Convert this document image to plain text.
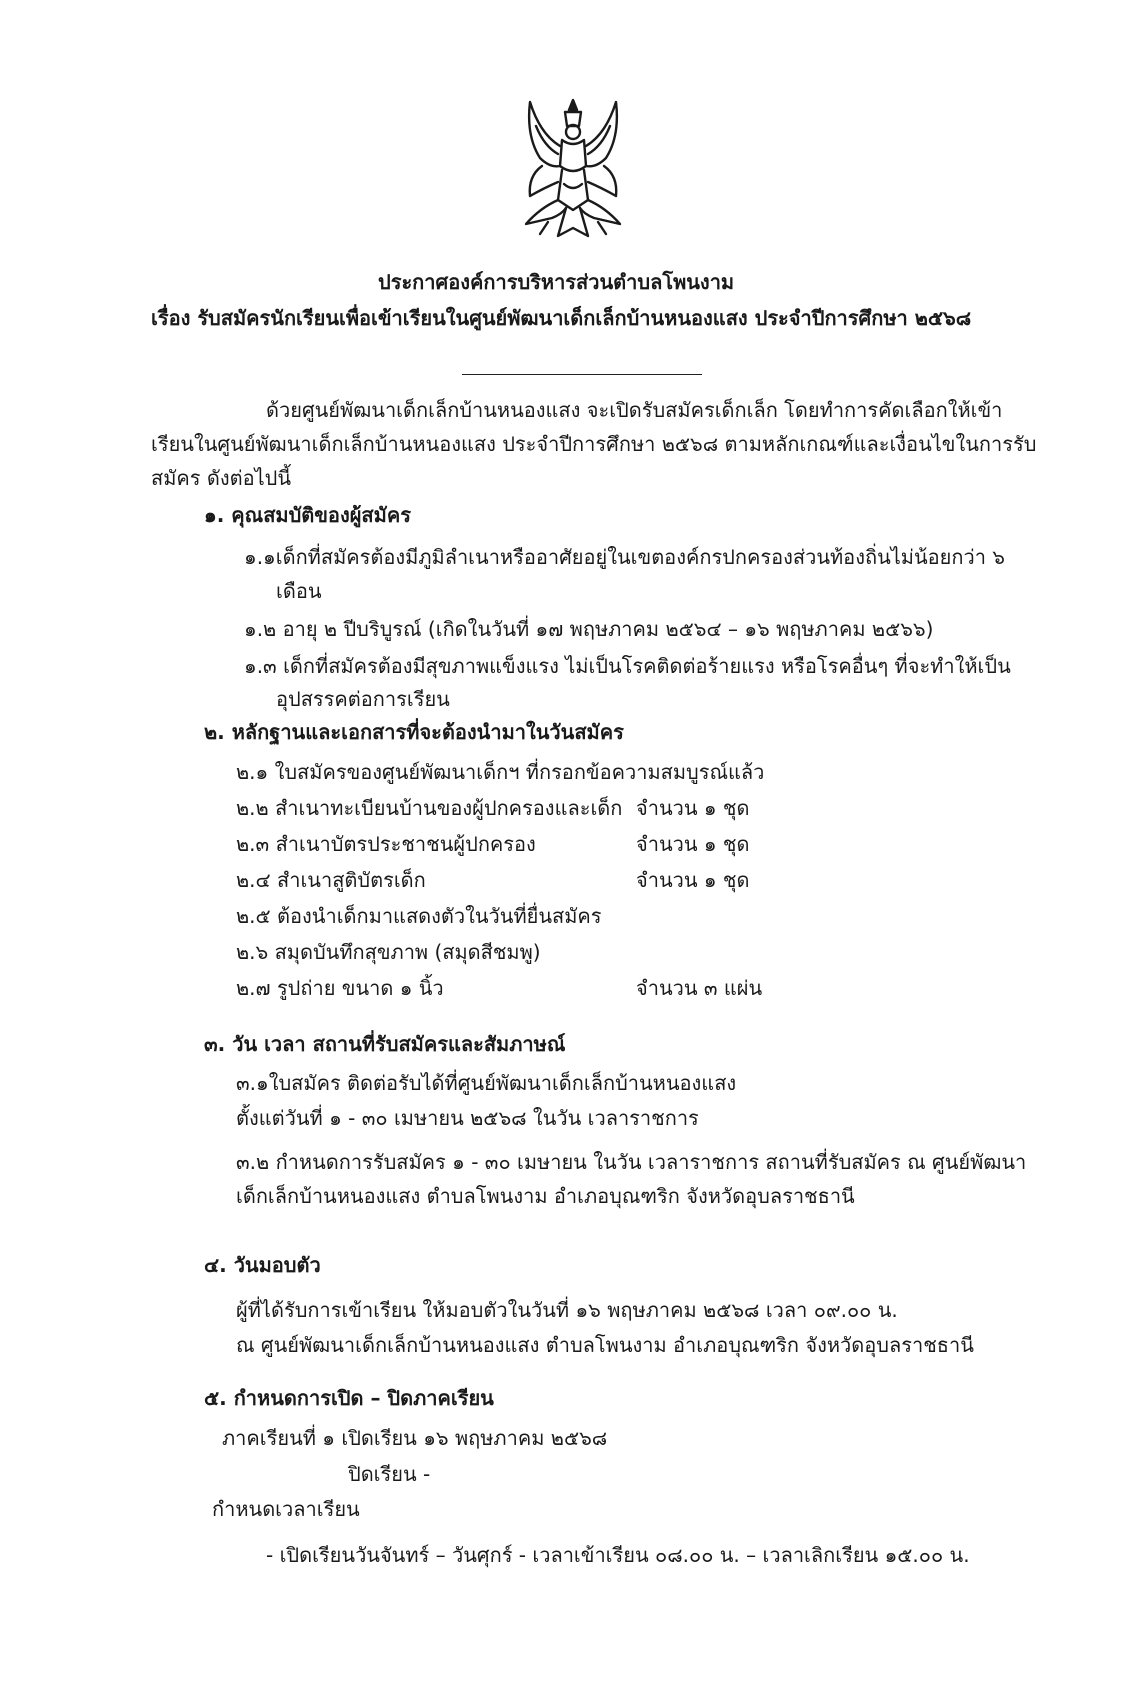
ประกาศองค์การบริหารส่วนตำบลโพนงาม
เรื่อง รับสมัครนักเรียนเพื่อเข้าเรียนในศูนย์พัฒนาเด็กเล็กบ้านหนองแสง ประจำปีการศึกษา ๒๕๖๘
ด้วยศูนย์พัฒนาเด็กเล็กบ้านหนองแสง จะเปิดรับสมัครเด็กเล็ก โดยทำการคัดเลือกให้เข้า
เรียนในศูนย์พัฒนาเด็กเล็กบ้านหนองแสง ประจำปีการศึกษา ๒๕๖๘ ตามหลักเกณฑ์และเงื่อนไขในการรับ
สมัคร ดังต่อไปนี้
๑. คุณสมบัติของผู้สมัคร
๑.๑เด็กที่สมัครต้องมีภูมิลำเนาหรืออาศัยอยู่ในเขตองค์กรปกครองส่วนท้องถิ่นไม่น้อยกว่า ๖
เดือน
๑.๒ อายุ ๒ ปีบริบูรณ์ (เกิดในวันที่ ๑๗ พฤษภาคม ๒๕๖๔ – ๑๖ พฤษภาคม ๒๕๖๖)
๑.๓ เด็กที่สมัครต้องมีสุขภาพแข็งแรง ไม่เป็นโรคติดต่อร้ายแรง หรือโรคอื่นๆ ที่จะทำให้เป็น
อุปสรรคต่อการเรียน
๒. หลักฐานและเอกสารที่จะต้องนำมาในวันสมัคร
๒.๑ ใบสมัครของศูนย์พัฒนาเด็กฯ ที่กรอกข้อความสมบูรณ์แล้ว
๒.๒ สำเนาทะเบียนบ้านของผู้ปกครองและเด็ก จำนวน ๑ ชุด
๒.๓ สำเนาบัตรประชาชนผู้ปกครอง	จำนวน ๑ ชุด
๒.๔ สำเนาสูติบัตรเด็ก	จำนวน ๑ ชุด
๒.๕ ต้องนำเด็กมาแสดงตัวในวันที่ยื่นสมัคร
๒.๖ สมุดบันทึกสุขภาพ (สมุดสีชมพู)
๒.๗ รูปถ่าย ขนาด ๑ นิ้ว	จำนวน ๓ แผ่น
๓. วัน เวลา สถานที่รับสมัครและสัมภาษณ์
๓.๑ใบสมัคร ติดต่อรับได้ที่ศูนย์พัฒนาเด็กเล็กบ้านหนองแสง
ตั้งแต่วันที่ ๑ - ๓๐ เมษายน ๒๕๖๘ ในวัน เวลาราชการ
๓.๒ กำหนดการรับสมัคร ๑ - ๓๐ เมษายน ในวัน เวลาราชการ สถานที่รับสมัคร ณ ศูนย์พัฒนา
เด็กเล็กบ้านหนองแสง ตำบลโพนงาม อำเภอบุณฑริก จังหวัดอุบลราชธานี
๔. วันมอบตัว
ผู้ที่ได้รับการเข้าเรียน ให้มอบตัวในวันที่ ๑๖ พฤษภาคม ๒๕๖๘ เวลา ๐๙.๐๐ น.
ณ ศูนย์พัฒนาเด็กเล็กบ้านหนองแสง ตำบลโพนงาม อำเภอบุณฑริก จังหวัดอุบลราชธานี
๕. กำหนดการเปิด – ปิดภาคเรียน
ภาคเรียนที่ ๑ เปิดเรียน ๑๖ พฤษภาคม ๒๕๖๘
ปิดเรียน -
กำหนดเวลาเรียน
- เปิดเรียนวันจันทร์ – วันศุกร์ - เวลาเข้าเรียน ๐๘.๐๐ น. – เวลาเลิกเรียน ๑๕.๐๐ น.
